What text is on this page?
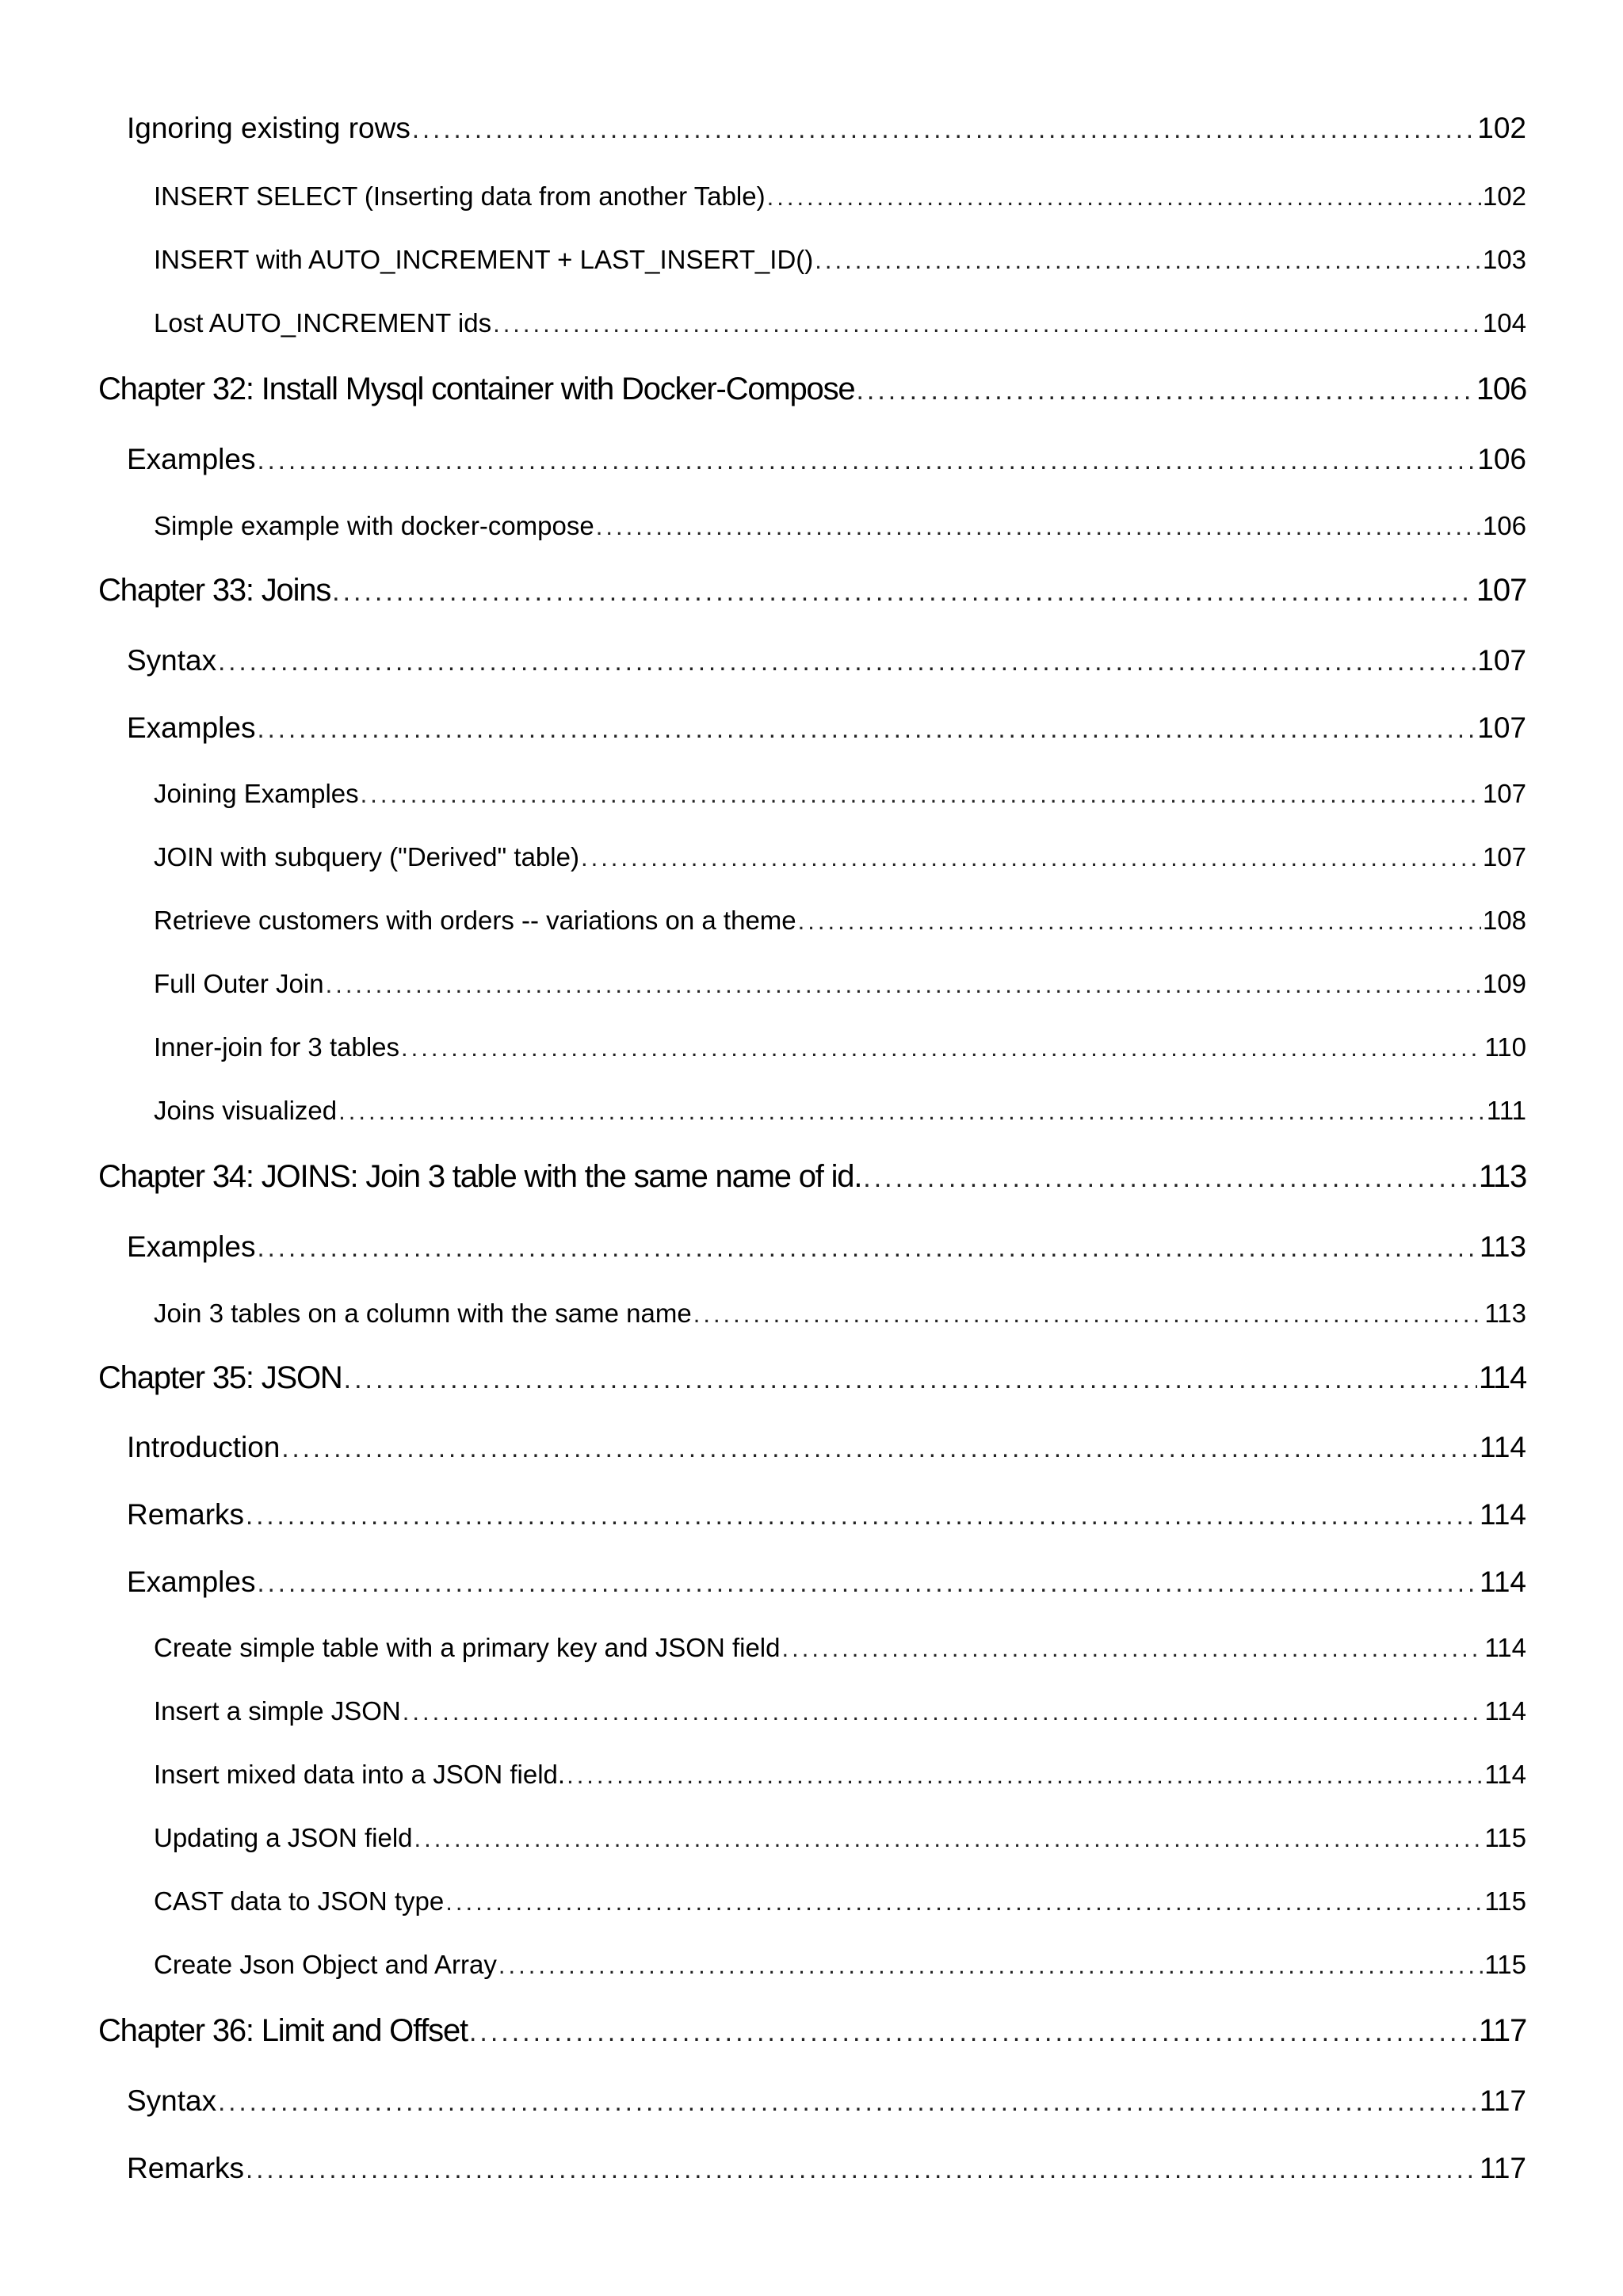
Ignoring existing rows .....	102
INSERT SELECT (Inserting data from another Table) .....	102
INSERT with AUTO_INCREMENT + LAST_INSERT_ID() .....	103
Lost AUTO_INCREMENT ids .....	104
Chapter 32: Install Mysql container with Docker-Compose .....	106
Examples .....	106
Simple example with docker-compose .....	106
Chapter 33: Joins .....	107
Syntax .....	107
Examples .....	107
Joining Examples .....	107
JOIN with subquery ("Derived" table) .....	107
Retrieve customers with orders -- variations on a theme .....	108
Full Outer Join .....	109
Inner-join for 3 tables .....	110
Joins visualized .....	111
Chapter 34: JOINS: Join 3 table with the same name of id. .....	113
Examples .....	113
Join 3 tables on a column with the same name .....	113
Chapter 35: JSON .....	114
Introduction .....	114
Remarks .....	114
Examples .....	114
Create simple table with a primary key and JSON field .....	114
Insert a simple JSON .....	114
Insert mixed data into a JSON field. .....	114
Updating a JSON field .....	115
CAST data to JSON type .....	115
Create Json Object and Array .....	115
Chapter 36: Limit and Offset .....	117
Syntax .....	117
Remarks .....	117
